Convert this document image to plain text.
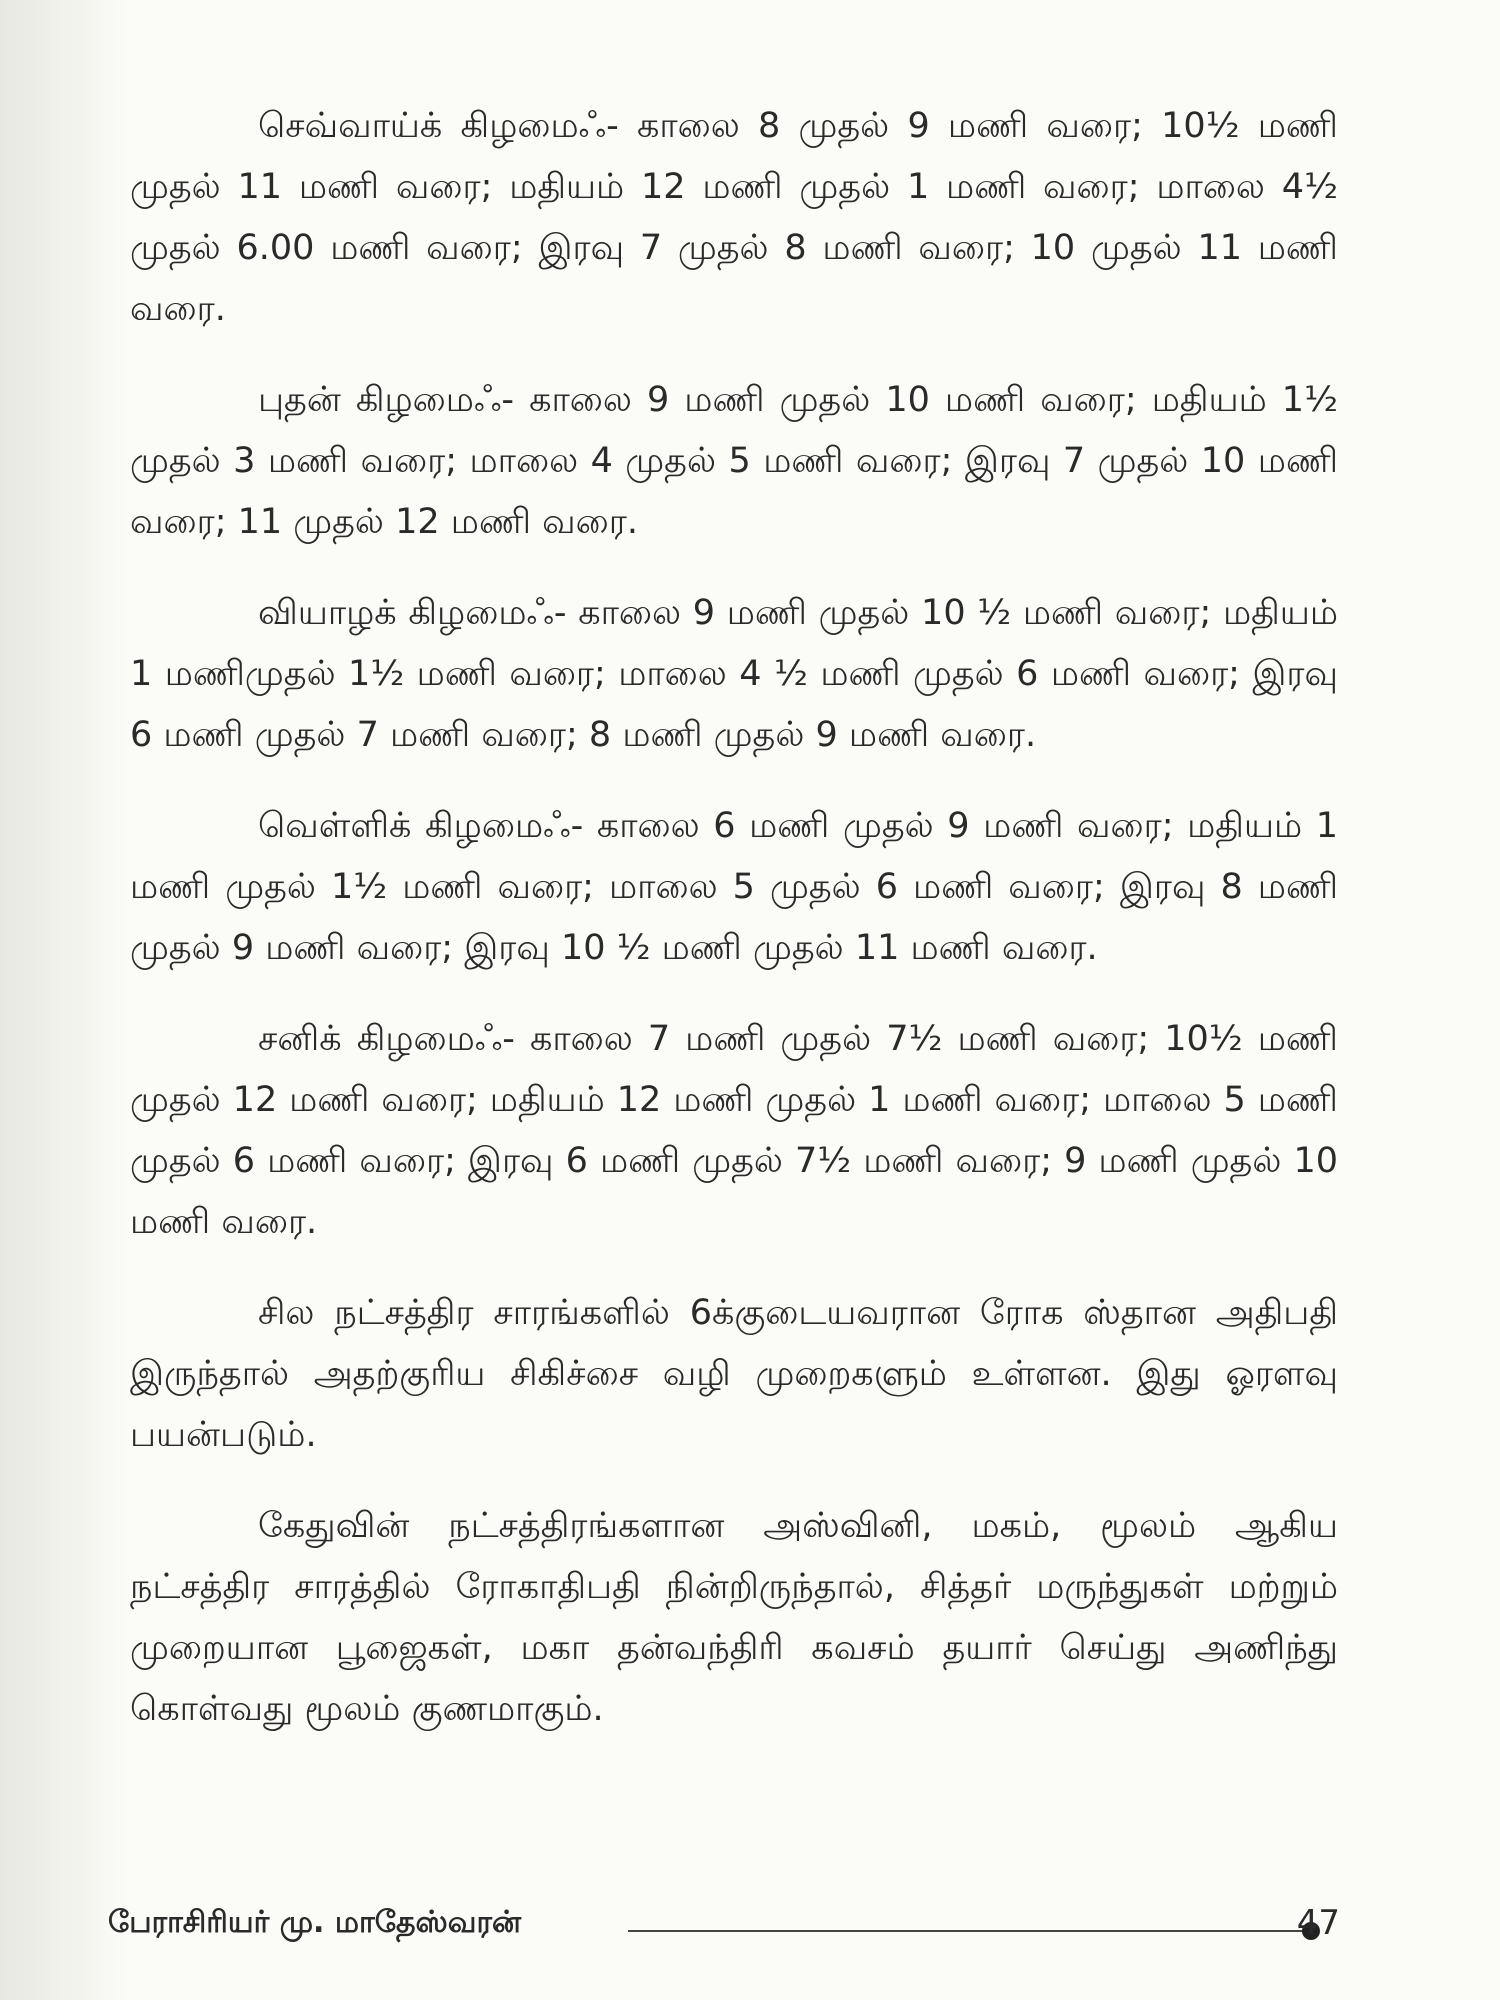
செவ்வாய்க் கிழமைஃ- காலை 8 முதல் 9 மணி வரை; 10½ மணி முதல் 11 மணி வரை; மதியம் 12 மணி முதல் 1 மணி வரை; மாலை 4½ முதல் 6.00 மணி வரை; இரவு 7 முதல் 8 மணி வரை; 10 முதல் 11 மணி வரை.

புதன் கிழமைஃ- காலை 9 மணி முதல் 10 மணி வரை; மதியம் 1½ முதல் 3 மணி வரை; மாலை 4 முதல் 5 மணி வரை; இரவு 7 முதல் 10 மணி வரை; 11 முதல் 12 மணி வரை.

வியாழக் கிழமைஃ- காலை 9 மணி முதல் 10 ½ மணி வரை; மதியம் 1 மணிமுதல் 1½ மணி வரை; மாலை 4 ½ மணி முதல் 6 மணி வரை; இரவு 6 மணி முதல் 7 மணி வரை; 8 மணி முதல் 9 மணி வரை.

வெள்ளிக் கிழமைஃ- காலை 6 மணி முதல் 9 மணி வரை; மதியம் 1 மணி முதல் 1½ மணி வரை; மாலை 5 முதல் 6 மணி வரை; இரவு 8 மணி முதல் 9 மணி வரை; இரவு 10 ½ மணி முதல் 11 மணி வரை.

சனிக் கிழமைஃ- காலை 7 மணி முதல் 7½ மணி வரை; 10½ மணி முதல் 12 மணி வரை; மதியம் 12 மணி முதல் 1 மணி வரை; மாலை 5 மணி முதல் 6 மணி வரை; இரவு 6 மணி முதல் 7½ மணி வரை; 9 மணி முதல் 10 மணி வரை.

சில நட்சத்திர சாரங்களில் 6க்குடையவரான ரோக ஸ்தான அதிபதி இருந்தால் அதற்குரிய சிகிச்சை வழி முறைகளும் உள்ளன. இது ஓரளவு பயன்படும்.

கேதுவின் நட்சத்திரங்களான அஸ்வினி, மகம், மூலம் ஆகிய நட்சத்திர சாரத்தில் ரோகாதிபதி நின்றிருந்தால், சித்தர் மருந்துகள் மற்றும் முறையான பூஜைகள், மகா தன்வந்திரி கவசம் தயார் செய்து அணிந்து கொள்வது மூலம் குணமாகும்.

பேராசிரியர் மு. மாதேஸ்வரன்	47
